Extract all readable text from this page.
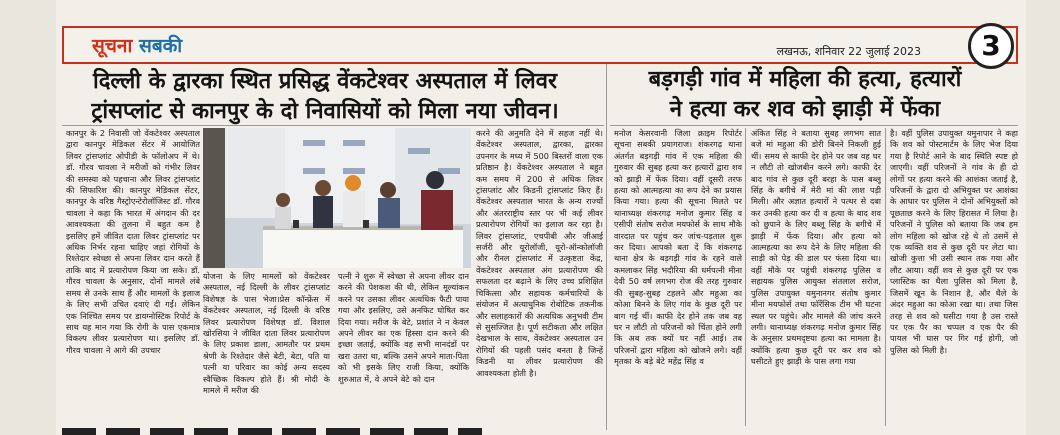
सूचना सबकी	लखनऊ, शनिवार 22 जुलाई 2023	3
दिल्ली के द्वारका स्थित प्रसिद्ध वेंकटेश्वर अस्पताल में लिवर
ट्रांसप्लांट से कानपुर के दो निवासियों को मिला नया जीवन।
बड़गड़ी गांव में महिला की हत्या, हत्यारों
ने हत्या कर शव को झाड़ी में फेंका
कानपुर के 2 निवासी जो वेंकटेश्वर अस्पताल द्वारा कानपुर मेडिकल सेंटर में आयोजित लिवर ट्रांसप्लांट ओपीडी के फॉलोअप में थे। डॉ. गौरव चावला ने मरीजों को गंभीर लिवर की समस्या को पहचाना और लिवर ट्रांसप्लांट की सिफारिश की। कानपुर मेडिकल सेंटर, कानपुर के वरिष्ठ गैस्ट्रोएन्टेरोलॉजिस्ट डॉ. गौरव चावला ने कहा कि भारत में अंगदान की दर आवश्यकता की तुलना में बहुत कम है इसलिए हमें जीवित दाता लिवर ट्रांसप्लांट पर अधिक निर्भर रहना चाहिए जहां रोगियों के रिश्तेदार स्वेच्छा से अपना लिवर दान करते हैं ताकि बाद में प्रत्यारोपण किया जा सके। डॉ. गौरव चावला के अनुसार, दोनों मामले लंबे समय से उनके साथ हैं और मामलों के इलाज के लिए सभी उचित दवाएं दी गईं। लेकिन एक निश्चित समय पर डायग्नोस्टिक रिपोर्ट के साथ यह मान गया कि रोगी के पास एकमात्र विकल्प लीवर प्रत्यारोपण था। इसलिए डॉ. गौरव चावला ने आगे की उपचार
योजना के लिए मामलों को वेंकटेश्वर अस्पताल, नई दिल्ली के लीवर ट्रांसप्लांट विशेषज्ञ के पास भेजा।प्रेस कॉन्फ्रेंस में वेंकटेश्वर अस्पताल, नई दिल्ली के वरिष्ठ लिवर प्रत्यारोपण विशेषज्ञ डॉ. विशाल खोरसिया ने जीवित दाता लिवर प्रत्यारोपण के लिए प्रकाश डाला, आमतौर पर प्रथम श्रेणी के रिश्तेदार जैसे बेटी, बेटा, पति या पत्नी या परिवार का कोई अन्य सदस्य स्वैच्छिक विकल्प होते हैं। श्री मोदी के मामले में मरीज की
पत्नी ने शुरू में स्वेच्छा से अपना लीवर दान करने की पेशकश की थी, लेकिन मूल्यांकन करने पर उसका लीवर अत्यधिक फैटी पाया गया और इसलिए, उसे अनफिट घोषित कर दिया गया। मरीज के बेटे, प्रशांत ने न केवल अपने लीवर का एक हिस्सा दान करने की इच्छा जताई, क्योंकि वह सभी मानदंडों पर खरा उतरा था, बल्कि उसने अपने माता-पिता को भी इसके लिए राजी किया, क्योंकि शुरुआत में, वे अपने बेटे को दान
करने की अनुमति देने में सहज नहीं थे।वेंकटेश्वर अस्पताल, द्वारका, द्वारका उपनगर के मध्य में 500 बिस्तरों वाला एक प्रतिष्ठान है। वेंकटेश्वर अस्पताल ने बहुत कम समय में 200 से अधिक लिवर ट्रांसप्लांट और किडनी ट्रांसप्लांट किए हैं। वेंकटेश्वर अस्पताल भारत के अन्य राज्यों और अंतरराष्ट्रीय स्तर पर भी कई लीवर प्रत्यारोपण रोगियों का इलाज कर रहा है। लिवर ट्रांसप्लांट, एचपीबी और जीआई सर्जरी और यूरोलॉजी, यूरो-ऑन्कोलॉजी और रीनल ट्रांसप्लांट में उत्कृष्टता केंद्र, वेंकटेश्वर अस्पताल अंग प्रत्यारोपण की सफलता दर बढ़ाने के लिए उच्च प्रशिक्षित चिकित्सा और सहायक कर्मचारियों के संयोजन में अत्याधुनिक रोबोटिक तकनीक और सलाहकारों की अत्यधिक अनुभवी टीम से सुसज्जित है। पूर्ण सटीकता और लक्षित देखभाल के साथ, वेंकटेश्वर अस्पताल उन रोगियों की पहली पसंद बनता है जिन्हें किडनी या लीवर प्रत्यारोपण की आवश्यकता होती है।
मनोज केसरवानी जिला क्राइम रिपोर्टर सूचना सबकी प्रयागराज। शंकरगढ़ थाना अंतर्गत बड़गड़ी गांव में एक महिला की गुरुवार की सुबह हत्या कर हत्यारों द्वारा शव को झाड़ी में फेंक दिया। वहीं दूसरी तरफ हत्या को आत्महत्या का रूप देने का प्रयास किया गया। हत्या की सूचना मिलते पर थानाध्यक्ष शंकरगढ़ मनोज कुमार सिंह व एसीपी संतोष सरोज मयफोर्स के साथ मौके वारदात पर पहुंच कर जांच-पड़ताल शुरू कर दिया। आपको बता दें कि शंकरगढ़ थाना क्षेत्र के बड़गड़ी गांव के रहने वाले कमलाकर सिंह भदौरिया की धर्मपत्नी मीना देवी 50 वर्ष लगभग रोज की तरह गुरुवार की सुबह-सुबह टहलने और महुआ का कोआ बिनने के लिए गांव के कुछ दूरी पर बाग गई थीं। काफी देर होने तक जब वह घर न लौटी तो परिजनों को चिंता होने लगी कि अब तक क्यों घर नहीं आई। तब परिजनों द्वारा महिला को खोजने लगे। वहीं मृतका के बड़े बेटे महेंद्र सिंह व
अंकित सिंह ने बताया सुबह लगभग सात बजे मां महुआ की डोरी बिनने निकली हुई थीं। समय से काफी देर होने पर जब वह घर न लौटी तो खोजबीन करने लगे। काफी देर बाद गांव से कुछ दूरी बरहा के पास बब्लू सिंह के बगीचे में मेरी मां की लाश पड़ी मिली। और अज्ञात हत्यारों ने पत्थर से दबा कर उनकी हत्या कर दी व हत्या के बाद शव को छुपाने के लिए बब्लू सिंह के बगीचे में झाड़ी में फेंक दिया। और हत्या को आत्महत्या का रूप देने के लिए महिला की साड़ी को पेड़ की डाल पर फंसा दिया था। वहीं मौके पर पहुंची शंकरगढ़ पुलिस व सहायक पुलिस आयुक्त संतलाल सरोज, पुलिस उपायुक्त यमुनानगर संतोष कुमार मीना मयफोर्स तथा फॉरेंसिक टीम भी घटना स्थल पर पहुंचे। और मामले की जांच करने लगी। थानाध्यक्ष शंकरगढ़ मनोज कुमार सिंह के अनुसार प्रथमदृष्टया हत्या का मामला है। क्योंकि हत्या कुछ दूरी पर कर शव को घसीटते हुए झाड़ी के पास लगा गया
है। वहीं पुलिस उपायुक्त यमुनापार ने कहा कि शव को पोस्टमार्टम के लिए भेज दिया गया है रिपोर्ट आने के बाद स्थिति स्पष्ट हो जाएगी। वहीं परिजनों ने गांव के ही दो लोगों पर हत्या करने की आशंका जताई है, परिजनों के द्वारा दो अभियुक्त पर आशंका के आधार पर पुलिस ने दोनों अभियुक्तों को पूछताछ करने के लिए हिरासत में लिया है। परिजनों ने पुलिस को बताया कि जब हम लोग महिला को खोज रहे थे तो उसमें से एक व्यक्ति शव से कुछ दूरी पर लेटा था। खोजी कुत्ता भी उसी स्थान तक गया और लौट आया। वहीं शव से कुछ दूरी पर एक प्लास्टिक का थैला पुलिस को मिला है, जिसमें खून के निशान है, और थैले के अंदर महुआ का कोआ रखा था। तथा जिस तरह से शव को घसीटा गया है उस रास्ते पर एक पैर का चप्पल व एक पैर की पायल भी घास पर गिर गई होगी, जो पुलिस को मिली है।
